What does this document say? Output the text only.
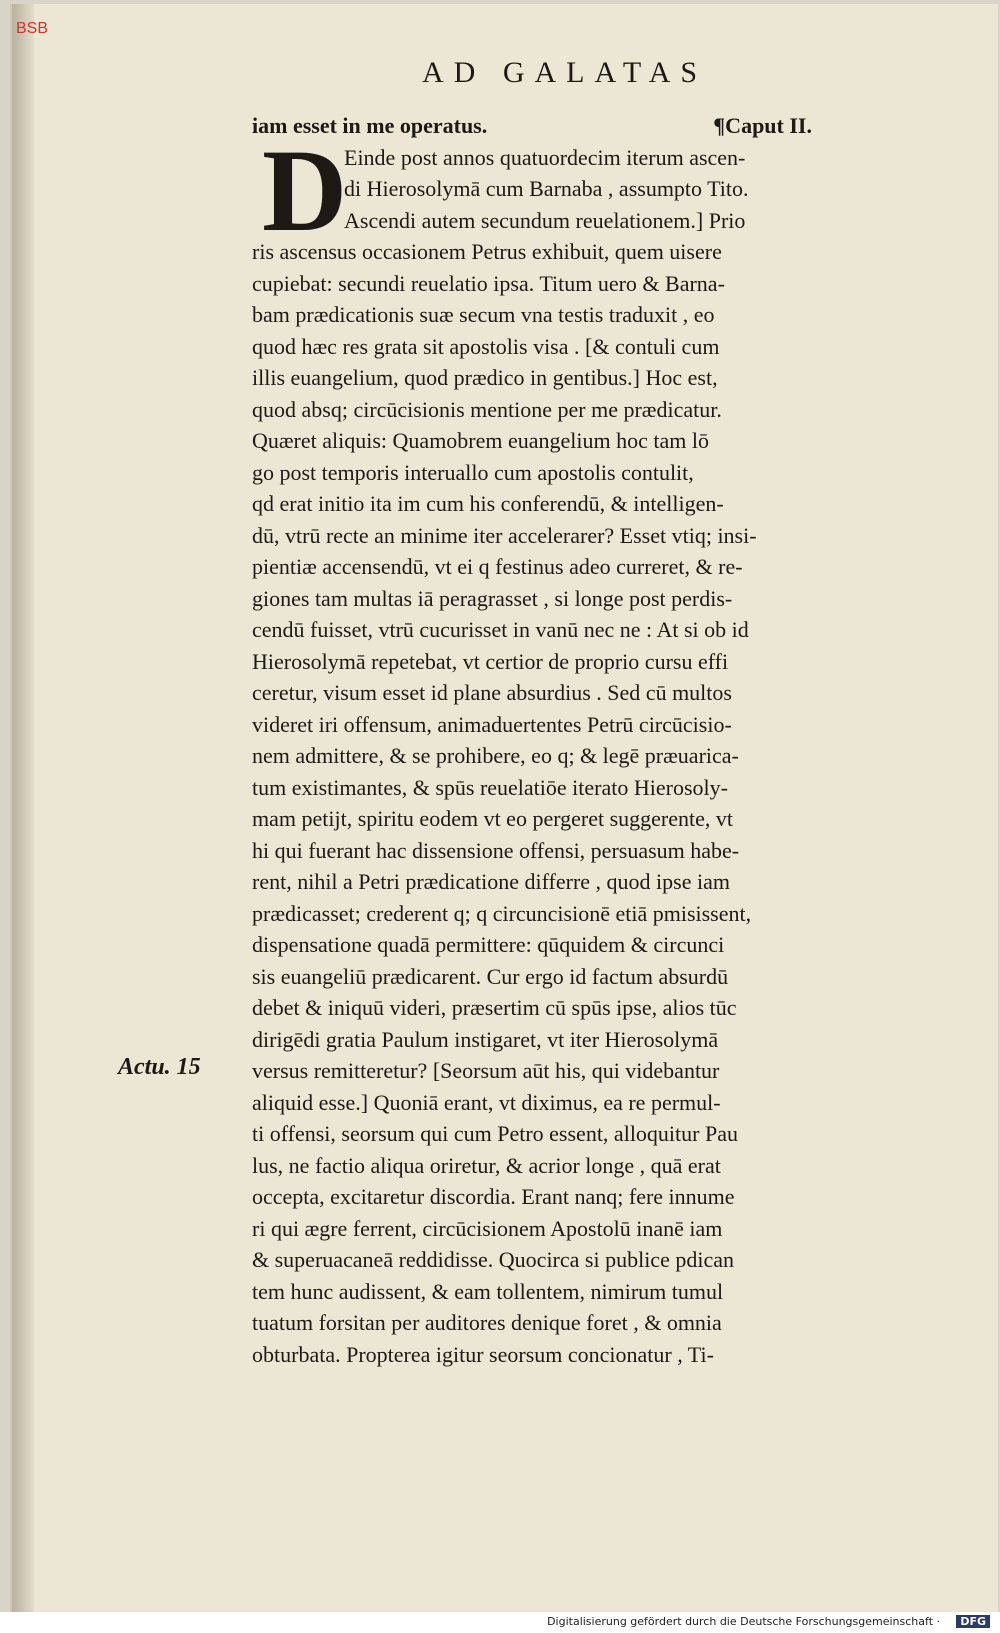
BSB
AD GALATAS
iam esset in me operatus.	¶Caput II.
D
Einde post annos quatuordecim iterum ascen-
di Hierosolymā cum Barnaba , assumpto Tito.
Ascendi autem secundum reuelationem.] Prio
ris ascensus occasionem Petrus exhibuit, quem uisere
cupiebat: secundi reuelatio ipsa. Titum uero & Barna-
bam prædicationis suæ secum vna testis traduxit , eo
quod hæc res grata sit apostolis visa . [& contuli cum
illis euangelium, quod prædico in gentibus.] Hoc est,
quod absq; circūcisionis mentione per me prædicatur.
Quæret aliquis: Quamobrem euangelium hoc tam lō
go post temporis interuallo cum apostolis contulit,
qd erat initio ita im cum his conferendū, & intelligen-
dū, vtrū recte an minime iter accelerarer? Esset vtiq; insi-
pientiæ accensendū, vt ei q festinus adeo curreret, & re-
giones tam multas iā peragrasset , si longe post perdis-
cendū fuisset, vtrū cucurisset in vanū nec ne : At si ob id
Hierosolymā repetebat, vt certior de proprio cursu effi
ceretur, visum esset id plane absurdius . Sed cū multos
videret iri offensum, animaduertentes Petrū circūcisio-
nem admittere, & se prohibere, eo q; & legē præuarica-
tum existimantes, & spūs reuelatiōe iterato Hierosoly-
mam petijt, spiritu eodem vt eo pergeret suggerente, vt
hi qui fuerant hac dissensione offensi, persuasum habe-
rent, nihil a Petri prædicatione differre , quod ipse iam
prædicasset; crederent q; q circuncisionē etiā pmisissent,
dispensatione quadā permittere: qūquidem & circunci
sis euangeliū prædicarent. Cur ergo id factum absurdū
debet & iniquū videri, præsertim cū spūs ipse, alios tūc
dirigēdi gratia Paulum instigaret, vt iter Hierosolymā
versus remitteretur? [Seorsum aūt his, qui videbantur
aliquid esse.] Quoniā erant, vt diximus, ea re permul-
ti offensi, seorsum qui cum Petro essent, alloquitur Pau
lus, ne factio aliqua oriretur, & acrior longe , quā erat
occepta, excitaretur discordia. Erant nanq; fere innume
ri qui ægre ferrent, circūcisionem Apostolū inanē iam
& superuacaneā reddidisse. Quocirca si publice pdican
tem hunc audissent, & eam tollentem, nimirum tumul
tuatum forsitan per auditores denique foret , & omnia
obturbata. Propterea igitur seorsum concionatur , Ti-
Actu. 15
Digitalisierung gefördert durch die Deutsche Forschungsgemeinschaft ·	DFG
